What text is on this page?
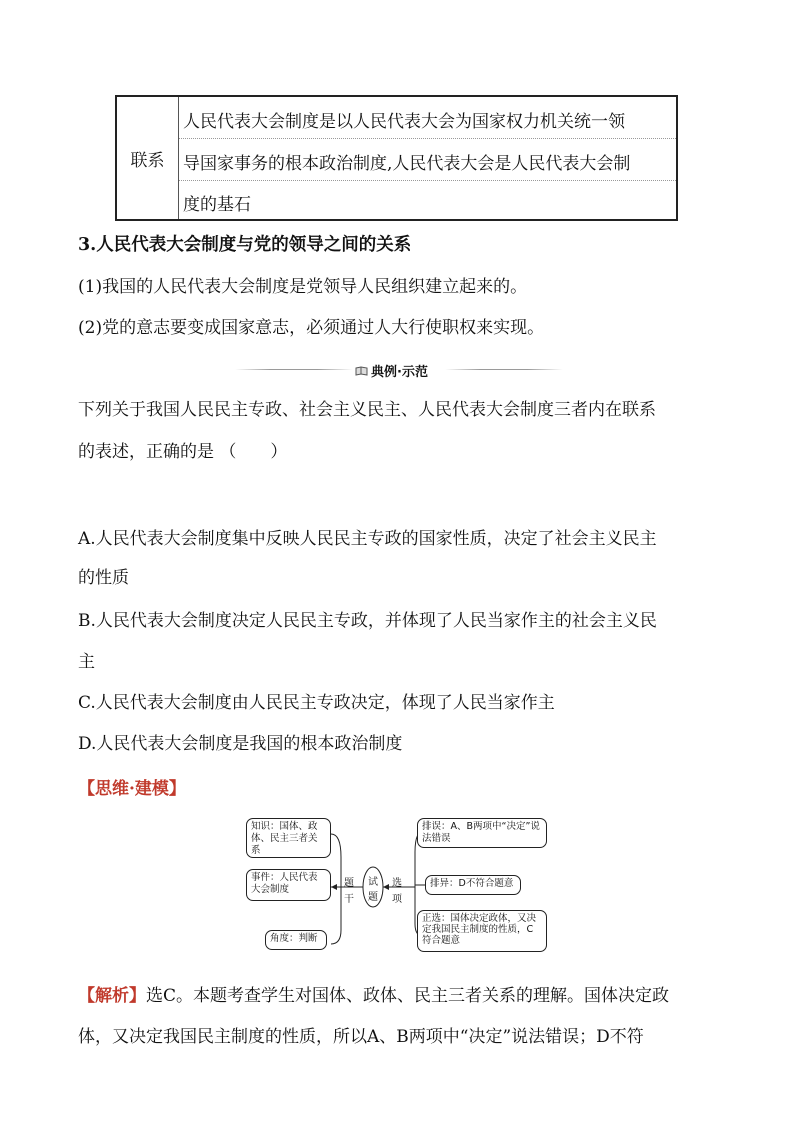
联系
人民代表大会制度是以人民代表大会为国家权力机关统一领
导国家事务的根本政治制度,人民代表大会是人民代表大会制
度的基石
3.人民代表大会制度与党的领导之间的关系
(1)我国的人民代表大会制度是党领导人民组织建立起来的。
(2)党的意志要变成国家意志，必须通过人大行使职权来实现。
典例·示范
下列关于我国人民民主专政、社会主义民主、人民代表大会制度三者内在联系
的表述，正确的是 （　　）
A.人民代表大会制度集中反映人民民主专政的国家性质，决定了社会主义民主
的性质
B.人民代表大会制度决定人民民主专政，并体现了人民当家作主的社会主义民
主
C.人民代表大会制度由人民民主专政决定，体现了人民当家作主
D.人民代表大会制度是我国的根本政治制度
【思维·建模】
知识：国体、政体、民主三者关系
事件：人民代表大会制度
角度：判断
题
干
试
题
选
项
排误：A、B两项中“决定”说法错误
排异：D不符合题意
正选：国体决定政体，又决定我国民主制度的性质，C符合题意
【解析】选C。本题考查学生对国体、政体、民主三者关系的理解。国体决定政
体，又决定我国民主制度的性质，所以A、B两项中“决定”说法错误；D不符
